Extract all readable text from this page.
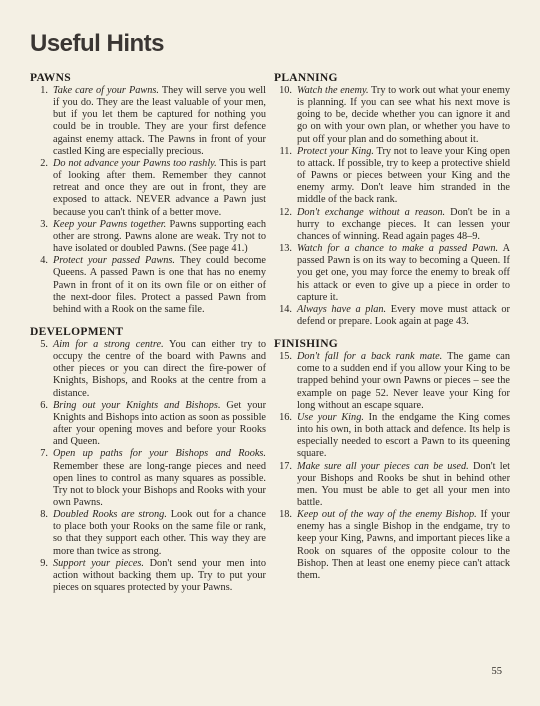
Useful Hints
PAWNS

1. Take care of your Pawns. They will serve you well if you do. They are the least valuable of your men, but if you let them be captured for nothing you could be in trouble. They are your first defence against enemy attack. The Pawns in front of your castled King are especially precious.

2. Do not advance your Pawns too rashly. This is part of looking after them. Remember they cannot retreat and once they are out in front, they are exposed to attack. NEVER advance a Pawn just because you can't think of a better move.

3. Keep your Pawns together. Pawns supporting each other are strong. Pawns alone are weak. Try not to have isolated or doubled Pawns. (See page 41.)

4. Protect your passed Pawns. They could become Queens. A passed Pawn is one that has no enemy Pawn in front of it on its own file or on either of the next-door files. Protect a passed Pawn from behind with a Rook on the same file.

DEVELOPMENT

5. Aim for a strong centre. You can either try to occupy the centre of the board with Pawns and other pieces or you can direct the fire-power of Knights, Bishops, and Rooks at the centre from a distance.

6. Bring out your Knights and Bishops. Get your Knights and Bishops into action as soon as possible after your opening moves and before your Rooks and Queen.

7. Open up paths for your Bishops and Rooks. Remember these are long-range pieces and need open lines to control as many squares as possible. Try not to block your Bishops and Rooks with your own Pawns.

8. Doubled Rooks are strong. Look out for a chance to place both your Rooks on the same file or rank, so that they support each other. This way they are more than twice as strong.

9. Support your pieces. Don't send your men into action without backing them up. Try to put your pieces on squares protected by your Pawns.

PLANNING

10. Watch the enemy. Try to work out what your enemy is planning. If you can see what his next move is going to be, decide whether you can ignore it and go on with your own plan, or whether you have to put off your plan and do something about it.

11. Protect your King. Try not to leave your King open to attack. If possible, try to keep a protective shield of Pawns or pieces between your King and the enemy army. Don't leave him stranded in the middle of the back rank.

12. Don't exchange without a reason. Don't be in a hurry to exchange pieces. It can lessen your chances of winning. Read again pages 48–9.

13. Watch for a chance to make a passed Pawn. A passed Pawn is on its way to becoming a Queen. If you get one, you may force the enemy to break off his attack or even to give up a piece in order to capture it.

14. Always have a plan. Every move must attack or defend or prepare. Look again at page 43.

FINISHING

15. Don't fall for a back rank mate. The game can come to a sudden end if you allow your King to be trapped behind your own Pawns or pieces – see the example on page 52. Never leave your King for long without an escape square.

16. Use your King. In the endgame the King comes into his own, in both attack and defence. Its help is especially needed to escort a Pawn to its queening square.

17. Make sure all your pieces can be used. Don't let your Bishops and Rooks be shut in behind other men. You must be able to get all your men into battle.

18. Keep out of the way of the enemy Bishop. If your enemy has a single Bishop in the endgame, try to keep your King, Pawns, and important pieces like a Rook on squares of the opposite colour to the Bishop. Then at least one enemy piece can't attack them.

55
